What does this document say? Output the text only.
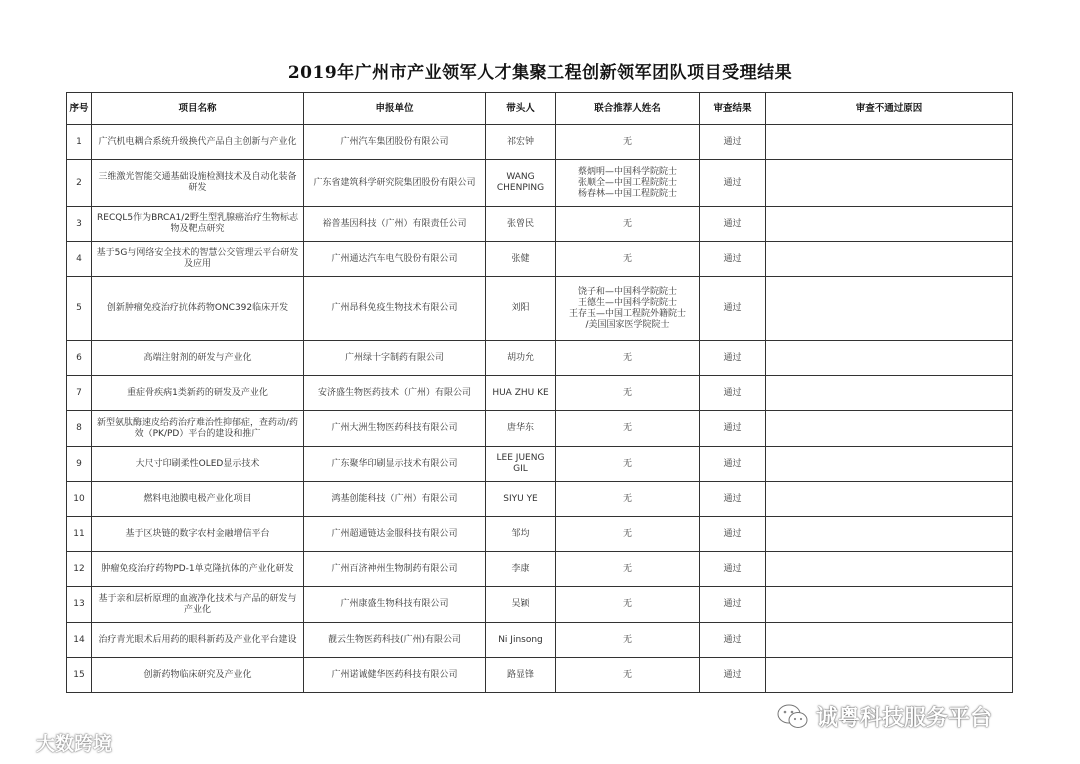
2019年广州市产业领军人才集聚工程创新领军团队项目受理结果
序号	项目名称	申报单位	带头人	联合推荐人姓名	审查结果	审查不通过原因
1	广汽机电耦合系统升级换代产品自主创新与产业化	广州汽车集团股份有限公司	祁宏钟	无	通过	
2	三维激光智能交通基础设施检测技术及自动化装备研发	广东省建筑科学研究院集团股份有限公司	WANG CHENPING	蔡炳明—中国科学院院士
张顺全—中国工程院院士
杨春林—中国工程院院士	通过	
3	RECQL5作为BRCA1/2野生型乳腺癌治疗生物标志物及靶点研究	裕普基因科技（广州）有限责任公司	张曾民	无	通过	
4	基于5G与网络安全技术的智慧公交管理云平台研发及应用	广州通达汽车电气股份有限公司	张健	无	通过	
5	创新肿瘤免疫治疗抗体药物ONC392临床开发	广州昂科免疫生物技术有限公司	刘阳	饶子和—中国科学院院士
王德生—中国科学院院士
王存玉—中国工程院外籍院士
/美国国家医学院院士	通过	
6	高端注射剂的研发与产业化	广州绿十字制药有限公司	胡功允	无	通过	
7	重症骨疾病1类新药的研发及产业化	安济盛生物医药技术（广州）有限公司	HUA ZHU KE	无	通过	
8	新型氨肽酶速皮给药治疗难治性抑郁症，查药动/药效（PK/PD）平台的建设和推广	广州大洲生物医药科技有限公司	唐华东	无	通过	
9	大尺寸印刷柔性OLED显示技术	广东聚华印刷显示技术有限公司	LEE JUENG GIL	无	通过	
10	燃料电池膜电极产业化项目	鸿基创能科技（广州）有限公司	SIYU YE	无	通过	
11	基于区块链的数字农村金融增信平台	广州超通链达金服科技有限公司	邹均	无	通过	
12	肿瘤免疫治疗药物PD-1单克隆抗体的产业化研发	广州百济神州生物制药有限公司	李康	无	通过	
13	基于亲和层析原理的血液净化技术与产品的研发与产业化	广州康盛生物科技有限公司	吴颖	无	通过	
14	治疗青光眼术后用药的眼科新药及产业化平台建设	靓云生物医药科技(广州)有限公司	Ni Jinsong	无	通过	
15	创新药物临床研究及产业化	广州诺诚健华医药科技有限公司	路显锋	无	通过	
大数跨境
诚粤科技服务平台
